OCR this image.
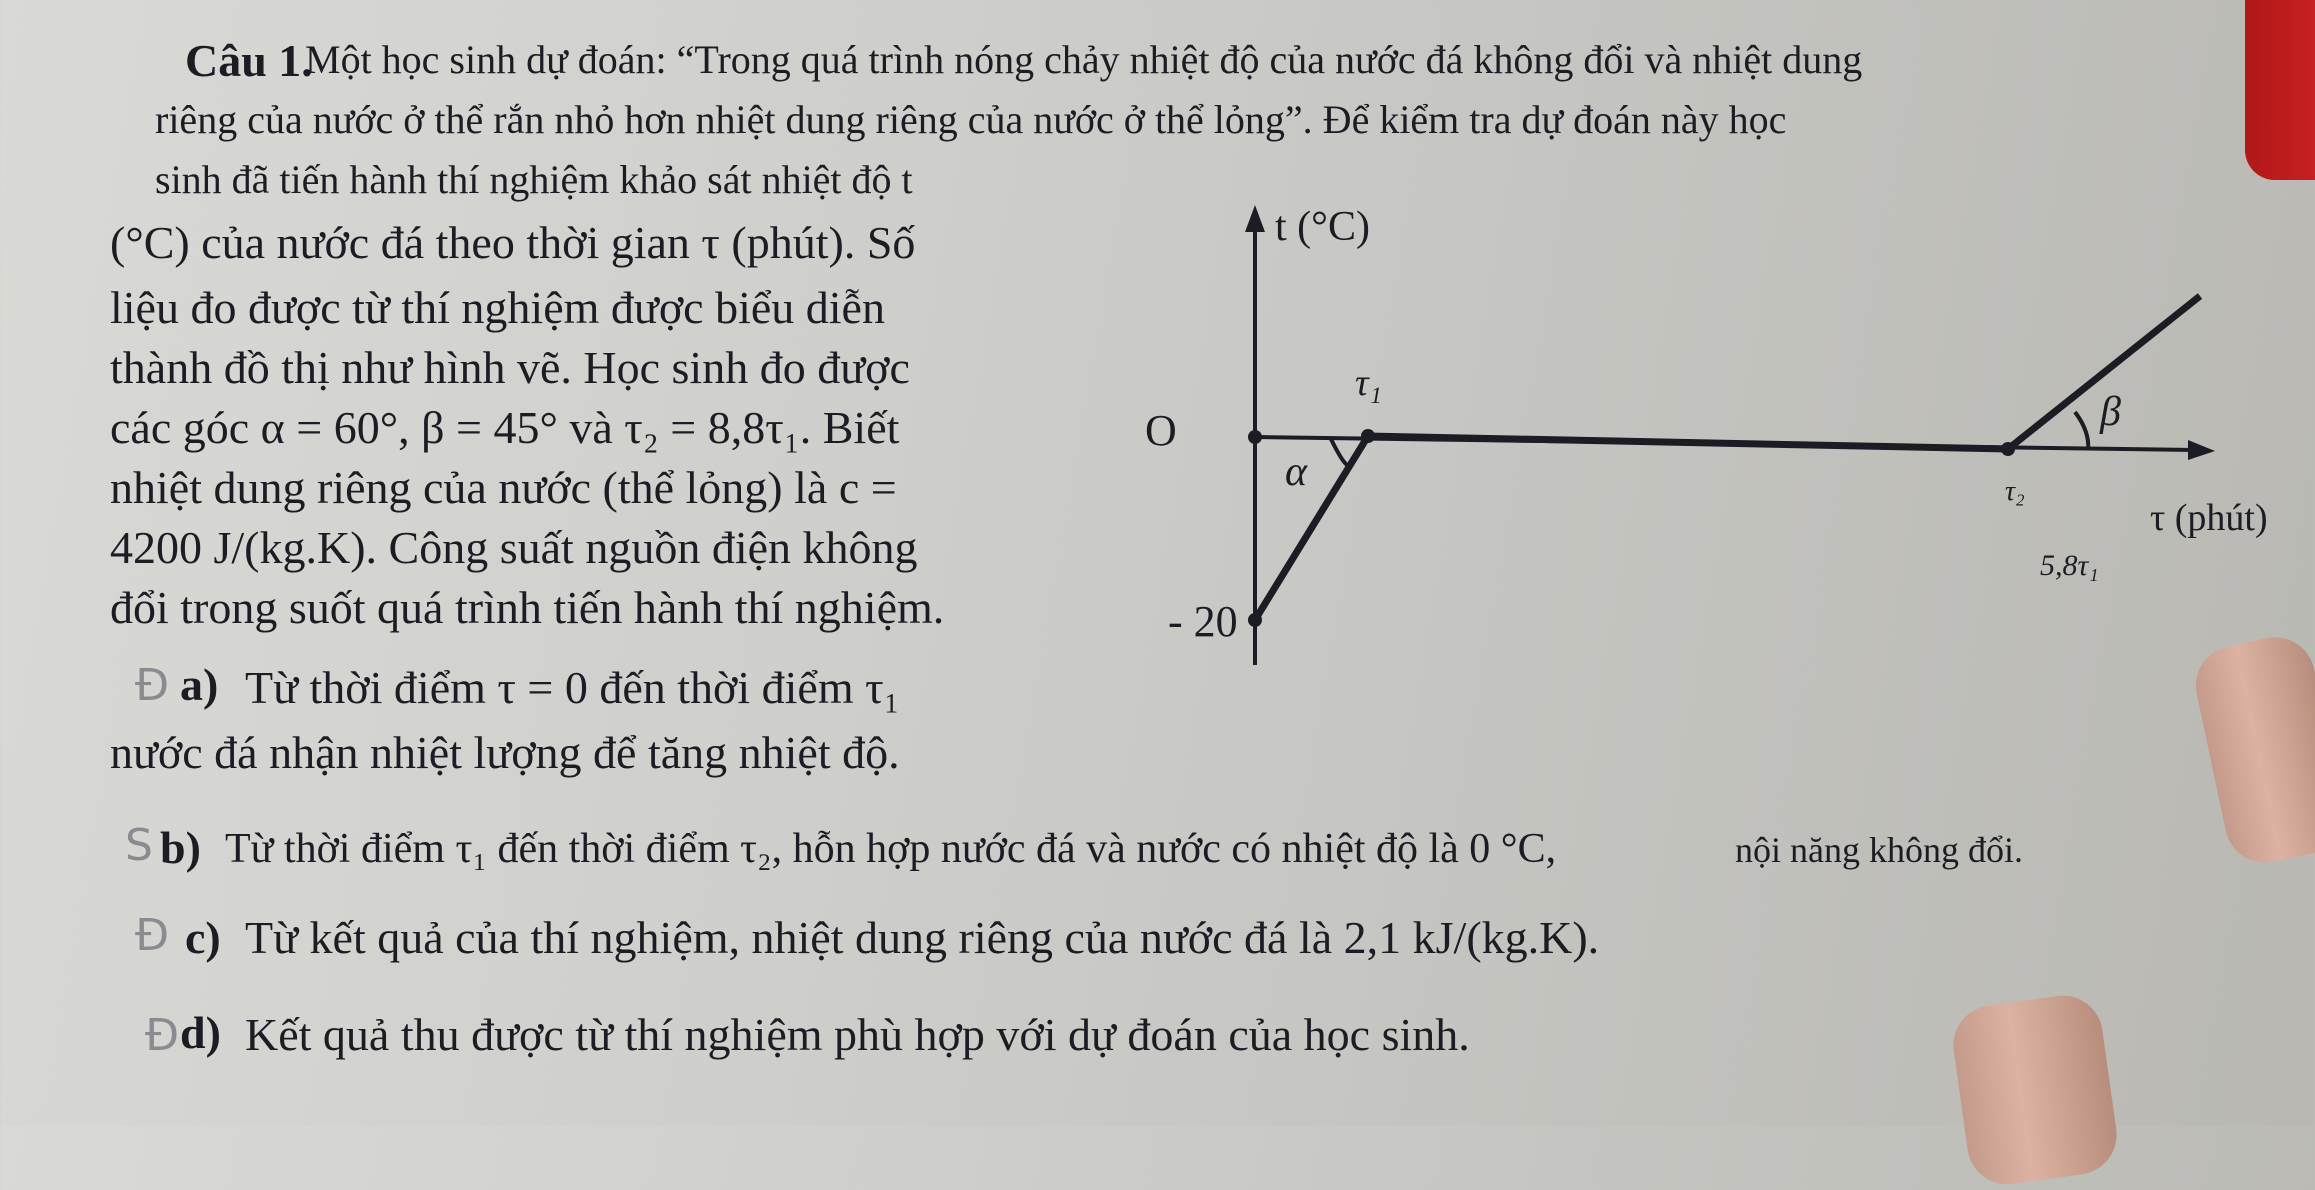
Câu 1.
Một học sinh dự đoán: “Trong quá trình nóng chảy nhiệt độ của nước đá không đổi và nhiệt dung
riêng của nước ở thể rắn nhỏ hơn nhiệt dung riêng của nước ở thể lỏng”. Để kiểm tra dự đoán này học
sinh đã tiến hành thí nghiệm khảo sát nhiệt độ t
(°C) của nước đá theo thời gian τ (phút). Số
liệu đo được từ thí nghiệm được biểu diễn
thành đồ thị như hình vẽ. Học sinh đo được
các góc α = 60°, β = 45° và τ₂ = 8,8τ₁. Biết
nhiệt dung riêng của nước (thể lỏng) là c =
4200 J/(kg.K). Công suất nguồn điện không
đổi trong suốt quá trình tiến hành thí nghiệm.
t (°C)
O
- 20
τ₁
τ₂
α
β
τ (phút)
5,8τ₁
Đ a) Từ thời điểm τ = 0 đến thời điểm τ₁
nước đá nhận nhiệt lượng để tăng nhiệt độ.
S b) Từ thời điểm τ₁ đến thời điểm τ₂, hỗn hợp nước đá và nước có nhiệt độ là 0 °C,	nội năng không đổi.
Đ c) Từ kết quả của thí nghiệm, nhiệt dung riêng của nước đá là 2,1 kJ/(kg.K).
Đ d) Kết quả thu được từ thí nghiệm phù hợp với dự đoán của học sinh.
